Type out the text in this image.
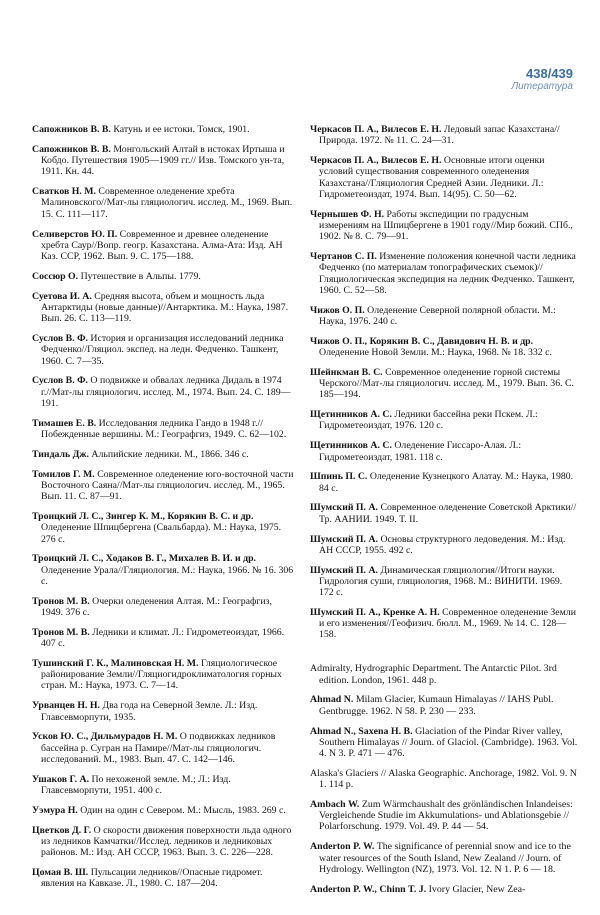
438/439
Литература

Сапожников В. В. Катунь и ее истоки. Томск, 1901.

Сапожников В. В. Монгольский Алтай в истоках Иртыша и Кобдо. Путешествия 1905—1909 гг.// Изв. Томского ун-та, 1911. Кн. 44.

Сватков Н. М. Современное оледенение хребта Малиновского//Мат-лы гляциологич. исслед. М., 1969. Вып. 15. С. 111—117.

Селиверстов Ю. П. Современное и древнее оледенение хребта Саур//Вопр. геогр. Казахстана. Алма-Ата: Изд. АН Каз. ССР, 1962. Вып. 9. С. 175—188.

Соссюр О. Путешествие в Альпы. 1779.

Суетова И. А. Средняя высота, объем и мощность льда Антарктиды (новые данные)//Антарктика. М.: Наука, 1987. Вып. 26. С. 113—119.

Суслов В. Ф. История и организация исследований ледника Федченко//Гляциол. экспед. на ледн. Федченко. Ташкент, 1960. С. 7—35.

Суслов В. Ф. О подвижке и обвалах ледника Дидаль в 1974 г.//Мат-лы гляциологич. исслед. М., 1974. Вып. 24. С. 189—191.

Тимашев Е. В. Исследования ледника Гандо в 1948 г.//Побежденные вершины. М.: Географгиз, 1949. С. 62—102.

Тиндаль Дж. Альпийские ледники. М., 1866. 346 с.

Томилов Г. М. Современное оледенение юго-восточной части Восточного Саяна//Мат-лы гляциологич. исслед. М., 1965. Вып. 11. С. 87—91.

Троицкий Л. С., Зингер К. М., Корякин В. С. и др. Оледенение Шпицбергена (Свальбарда). М.: Наука, 1975. 276 с.

Троицкий Л. С., Ходаков В. Г., Михалев В. И. и др. Оледенение Урала//Гляциология. М.: Наука, 1966. № 16. 306 с.

Тронов М. В. Очерки оледенения Алтая. М.: Географгиз, 1949. 376 с.

Тронов М. В. Ледники и климат. Л.: Гидрометеоиздат, 1966. 407 с.

Тушинский Г. К., Малиновская Н. М. Гляциологическое районирование Земли//Гляциогидроклиматология горных стран. М.: Наука, 1973. С. 7—14.

Урванцев Н. Н. Два года на Северной Земле. Л.: Изд. Главсевморпути, 1935.

Усков Ю. С., Дильмурадов Н. М. О подвижках ледников бассейна р. Сугран на Памире//Мат-лы гляциологич. исследований. М., 1983. Вып. 47. С. 142—146.

Ушаков Г. А. По нехоженой земле. М.; Л.: Изд. Главсевморпути, 1951. 400 с.

Уэмура Н. Один на один с Севером. М.: Мысль, 1983. 269 с.

Цветков Д. Г. О скорости движения поверхности льда одного из ледников Камчатки//Исслед. ледников и ледниковых районов. М.: Изд. АН СССР, 1963. Вып. 3. С. 226—228.

Цомая В. Ш. Пульсации ледников//Опасные гидромет. явления на Кавказе. Л., 1980. С. 187—204.

Черкасов П. А., Вилесов Е. Н. Ледовый запас Казахстана//Природа. 1972. № 11. С. 24—31.

Черкасов П. А., Вилесов Е. Н. Основные итоги оценки условий существования современного оледенения Казахстана//Гляциология Средней Азии. Ледники. Л.: Гидрометеоиздат, 1974. Вып. 14(95). С. 50—62.

Чернышев Ф. Н. Работы экспедиции по градусным измерениям на Шпицбергене в 1901 году//Мир божий. СПб., 1902. № 8. С. 79—91.

Чертанов С. П. Изменение положения конечной части ледника Федченко (по материалам топографических съемок)//Гляциологическая экспедиция на ледник Федченко. Ташкент, 1960. С. 52—58.

Чижов О. П. Оледенение Северной полярной области. М.: Наука, 1976. 240 с.

Чижов О. П., Корякин В. С., Давидович Н. В. и др. Оледенение Новой Земли. М.: Наука, 1968. № 18. 332 с.

Шейнкман В. С. Современное оледенение горной системы Черского//Мат-лы гляциологич. исслед. М., 1979. Вып. 36. С. 185—194.

Щетинников А. С. Ледники бассейна реки Пскем. Л.: Гидрометеоиздат, 1976. 120 с.

Щетинников А. С. Оледенение Гиссаро-Алая. Л.: Гидрометеоиздат, 1981. 118 с.

Шпинь П. С. Оледенение Кузнецкого Алатау. М.: Наука, 1980. 84 с.

Шумский П. А. Современное оледенение Советской Арктики//Тр. ААНИИ. 1949. Т. II.

Шумский П. А. Основы структурного ледоведения. М.: Изд. АН СССР, 1955. 492 с.

Шумский П. А. Динамическая гляциология//Итоги науки. Гидрология суши, гляциология, 1968. М.: ВИНИТИ. 1969. 172 с.

Шумский П. А., Кренке А. Н. Современное оледенение Земли и его изменения//Геофизич. бюлл. М., 1969. № 14. С. 128—158.

Admiralty, Hydrographic Department. The Antarctic Pilot. 3rd edition. London, 1961. 448 p.

Ahmad N. Milam Glacier, Kumaun Himalayas // IAHS Publ. Gentbrugge. 1962. N 58. P. 230 — 233.

Ahmad N., Saxena H. B. Glaciation of the Pindar River valley, Southern Himalayas // Journ. of Glaciol. (Cambridge). 1963. Vol. 4. N 3. P. 471 — 476.

Alaska's Glaciers // Alaska Geographic. Anchorage, 1982. Vol. 9. N 1. 114 p.

Ambach W. Zum Wärmchaushalt des grönländischen Inlandeises: Vergleichende Studie im Akkumulations- und Ablationsgebie // Polarforschung. 1979. Vol. 49. P. 44 — 54.

Anderton P. W. The significance of perennial snow and ice to the water resources of the South Island, New Zealand // Journ. of Hydrology. Wellington (NZ), 1973. Vol. 12. N 1. P. 6 — 18.

Anderton P. W., Chinn T. J. Ivory Glacier, New Zea-
